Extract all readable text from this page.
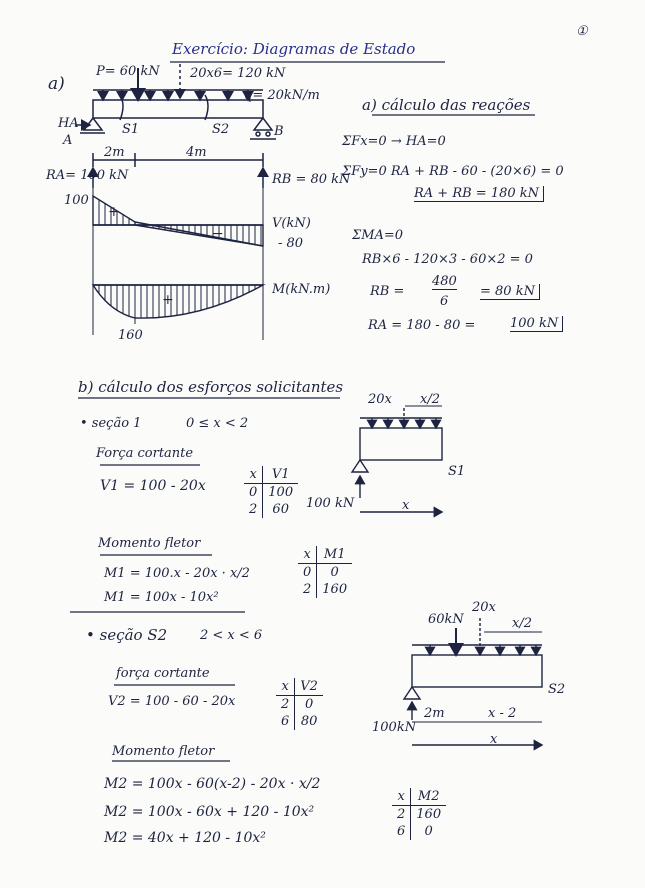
①
Exercício: Diagramas de Estado
a)
P= 60 kN 20x6= 120 kN
q= 20kN/m
HA
A
B
S1	S2
2m	4m
RA= 100 kN	RB = 80 kN
100
- 80
V(kN)
+
−
M(kN.m)
160
+
a) cálculo das reações
ΣFx=0 → HA=0
ΣFy=0 RA + RB - 60 - (20×6) = 0
RA + RB = 180 kN
ΣMA=0
RB×6 - 120×3 - 60×2 = 0
RB =
480
6
= 80 kN
RA = 180 - 80 =	100 kN
b) cálculo dos esforços solicitantes
• seção 1	0 ≤ x < 2
Força cortante
V1 = 100 - 20x
x	V1
0	100
2	60
Momento fletor
M1 = 100.x - 20x · x/2
M1 = 100x - 10x²
x	M1
0	0
2	160
20x x/2
100 kN	x
S1
• seção S2	2 < x < 6
força cortante
V2 = 100 - 60 - 20x
x	V2
2	0
6	80
Momento fletor
M2 = 100x - 60(x-2) - 20x · x/2
M2 = 100x - 60x + 120 - 10x²
M2 = 40x + 120 - 10x²
x	M2
2	160
6	0
60kN
20x
x/2
100kN
2m	x - 2
x
S2
